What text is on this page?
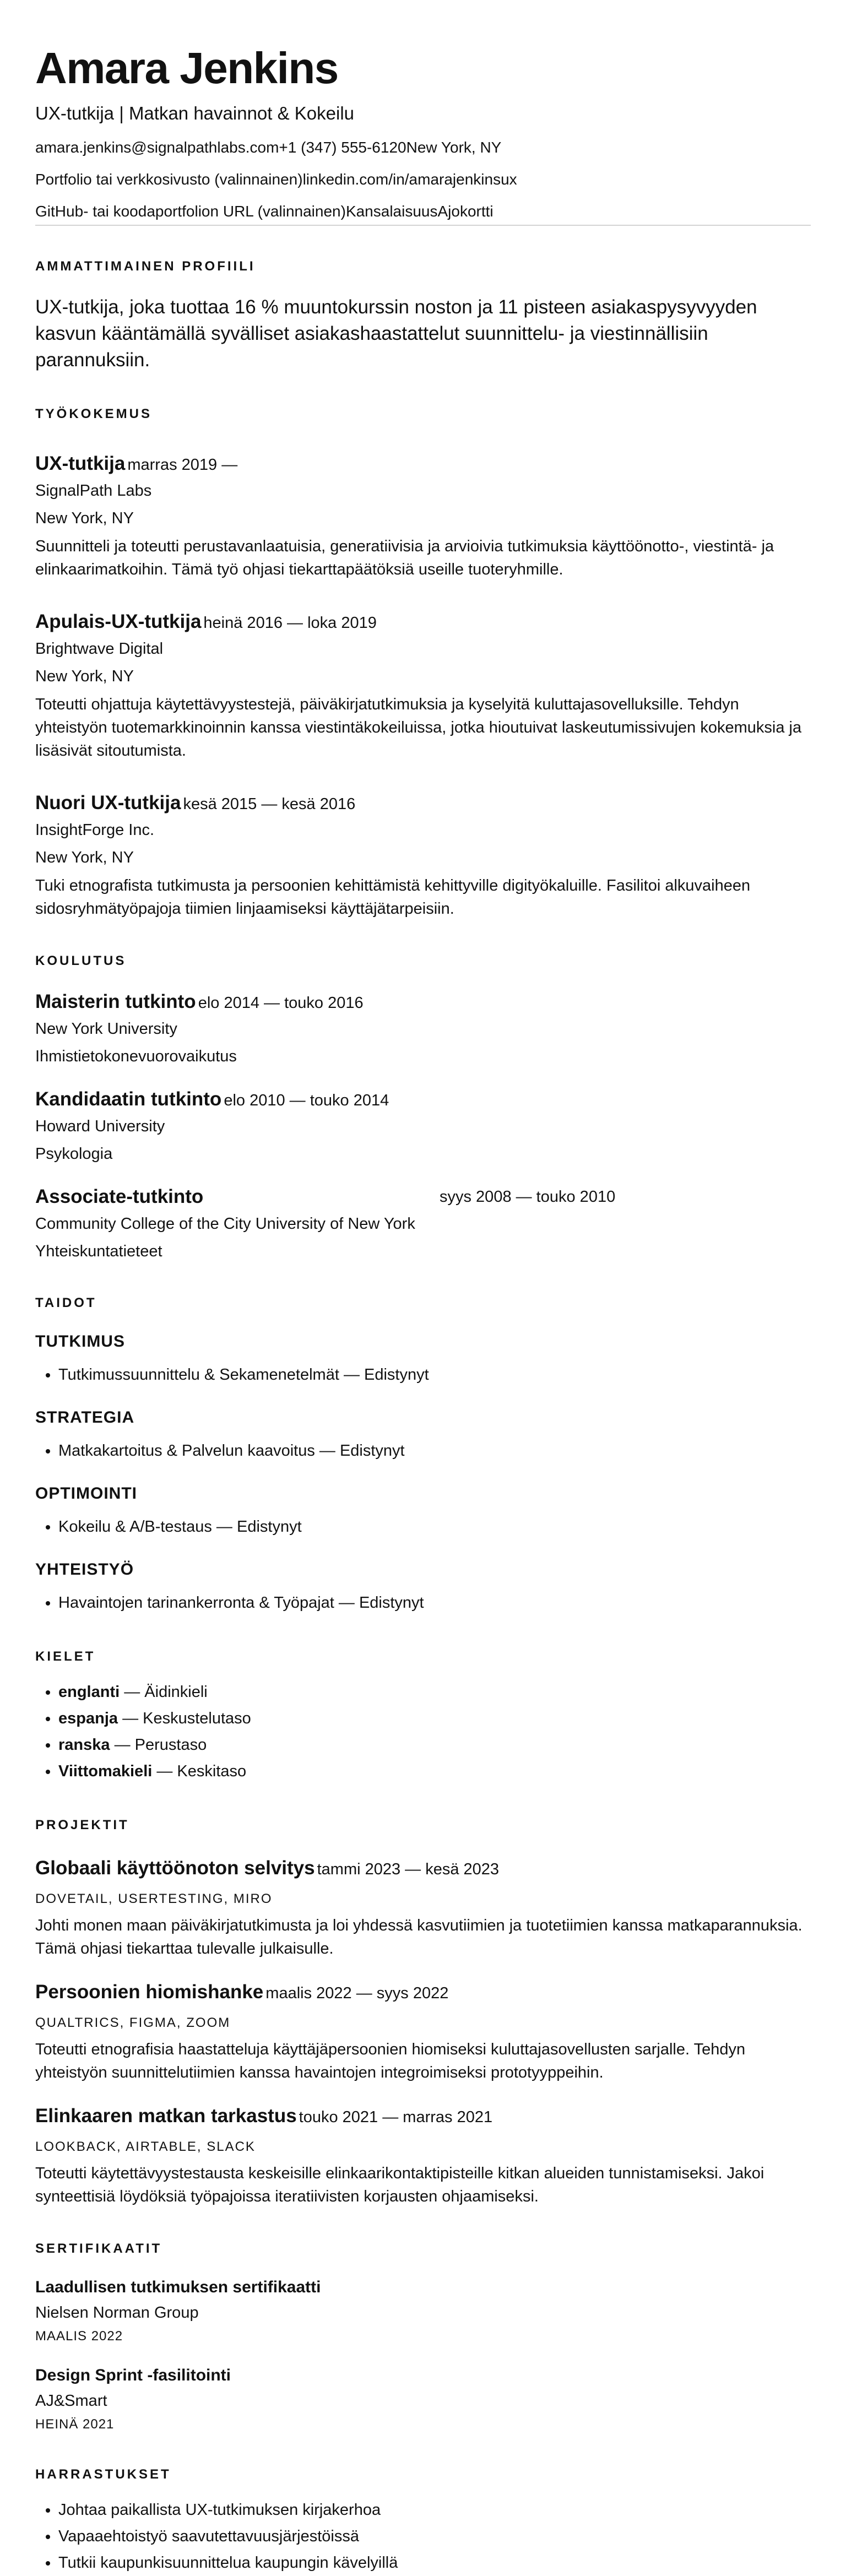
Amara Jenkins
UX-tutkija | Matkan havainnot & Kokeilu
amara.jenkins@signalpathlabs.com+1 (347) 555-6120New York, NY
Portfolio tai verkkosivusto (valinnainen)linkedin.com/in/amarajenkinsux
GitHub- tai koodaportfolion URL (valinnainen)KansalaisuusAjokortti
AMMATTIMAINEN PROFIILI
UX-tutkija, joka tuottaa 16 % muuntokurssin noston ja 11 pisteen asiakaspysyvyyden kasvun kääntämällä syvälliset asiakashaastattelut suunnittelu- ja viestinnällisiin parannuksiin.
TYÖKOKEMUS
UX-tutkija marras 2019 —
SignalPath Labs
New York, NY
Suunnitteli ja toteutti perustavanlaatuisia, generatiivisia ja arvioivia tutkimuksia käyttöönotto-, viestintä- ja elinkaarimatkoihin. Tämä työ ohjasi tiekarttapäätöksiä useille tuoteryhmille.
Apulais-UX-tutkija heinä 2016 — loka 2019
Brightwave Digital
New York, NY
Toteutti ohjattuja käytettävyystestejä, päiväkirjatutkimuksia ja kyselyitä kuluttajasovelluksille. Tehdyn yhteistyön tuotemarkkinoinnin kanssa viestintäkokeiluissa, jotka hioutuivat laskeutumissivujen kokemuksia ja lisäsivät sitoutumista.
Nuori UX-tutkija kesä 2015 — kesä 2016
InsightForge Inc.
New York, NY
Tuki etnografista tutkimusta ja persoonien kehittämistä kehittyville digityökaluille. Fasilitoi alkuvaiheen sidosryhmätyöpajoja tiimien linjaamiseksi käyttäjätarpeisiin.
KOULUTUS
Maisterin tutkinto elo 2014 — touko 2016
New York University
Ihmistietokonevuorovaikutus
Kandidaatin tutkinto elo 2010 — touko 2014
Howard University
Psykologia
Associate-tutkinto	syys 2008 — touko 2010
Community College of the City University of New York
Yhteiskuntatieteet
TAIDOT
TUTKIMUS
• Tutkimussuunnittelu & Sekamenetelmät — Edistynyt
STRATEGIA
• Matkakartoitus & Palvelun kaavoitus — Edistynyt
OPTIMOINTI
• Kokeilu & A/B-testaus — Edistynyt
YHTEISTYÖ
• Havaintojen tarinankerronta & Työpajat — Edistynyt
KIELET
• englanti — Äidinkieli
• espanja — Keskustelutaso
• ranska — Perustaso
• Viittomakieli — Keskitaso
PROJEKTIT
Globaali käyttöönoton selvitys tammi 2023 — kesä 2023
DOVETAIL, USERTESTING, MIRO
Johti monen maan päiväkirjatutkimusta ja loi yhdessä kasvutiimien ja tuotetiimien kanssa matkaparannuksia. Tämä ohjasi tiekarttaa tulevalle julkaisulle.
Persoonien hiomishanke maalis 2022 — syys 2022
QUALTRICS, FIGMA, ZOOM
Toteutti etnografisia haastatteluja käyttäjäpersoonien hiomiseksi kuluttajasovellusten sarjalle. Tehdyn yhteistyön suunnittelutiimien kanssa havaintojen integroimiseksi prototyyppeihin.
Elinkaaren matkan tarkastus touko 2021 — marras 2021
LOOKBACK, AIRTABLE, SLACK
Toteutti käytettävyystestausta keskeisille elinkaarikontaktipisteille kitkan alueiden tunnistamiseksi. Jakoi synteettisiä löydöksiä työpajoissa iteratiivisten korjausten ohjaamiseksi.
SERTIFIKAATIT
Laadullisen tutkimuksen sertifikaatti
Nielsen Norman Group
MAALIS 2022
Design Sprint -fasilitointi
AJ&Smart
HEINÄ 2021
HARRASTUKSET
• Johtaa paikallista UX-tutkimuksen kirjakerhoa
• Vapaaehtoistyö saavutettavuusjärjestöissä
• Tutkii kaupunkisuunnittelua kaupungin kävelyillä
